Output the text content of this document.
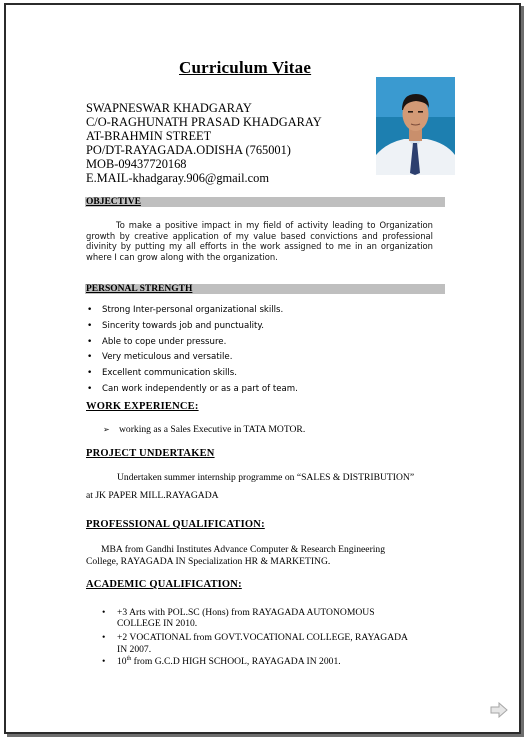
Curriculum Vitae
SWAPNESWAR KHADGARAY
C/O-RAGHUNATH PRASAD KHADGARAY
AT-BRAHMIN STREET
PO/DT-RAYAGADA.ODISHA (765001)
MOB-09437720168
E.MAIL-khadgaray.906@gmail.com
OBJECTIVE
To make a positive impact in my field of activity leading to Organization growth by creative application of my value based convictions and professional divinity by putting my all efforts in the work assigned to me in an organization where I can grow along with the organization.
PERSONAL STRENGTH
• Strong Inter-personal organizational skills.
• Sincerity towards job and punctuality.
• Able to cope under pressure.
• Very meticulous and versatile.
• Excellent communication skills.
• Can work independently or as a part of team.
WORK EXPERIENCE:
➢ working as a Sales Executive in TATA MOTOR.
PROJECT UNDERTAKEN
Undertaken summer internship programme on “SALES & DISTRIBUTION”
at JK PAPER MILL.RAYAGADA
PROFESSIONAL QUALIFICATION:
MBA from Gandhi Institutes Advance Computer & Research Engineering
College, RAYAGADA IN Specialization HR & MARKETING.
ACADEMIC QUALIFICATION:
• +3 Arts with POL.SC (Hons) from RAYAGADA AUTONOMOUS
COLLEGE IN 2010.
• +2 VOCATIONAL from GOVT.VOCATIONAL COLLEGE, RAYAGADA
IN 2007.
• 10th from G.C.D HIGH SCHOOL, RAYAGADA IN 2001.
